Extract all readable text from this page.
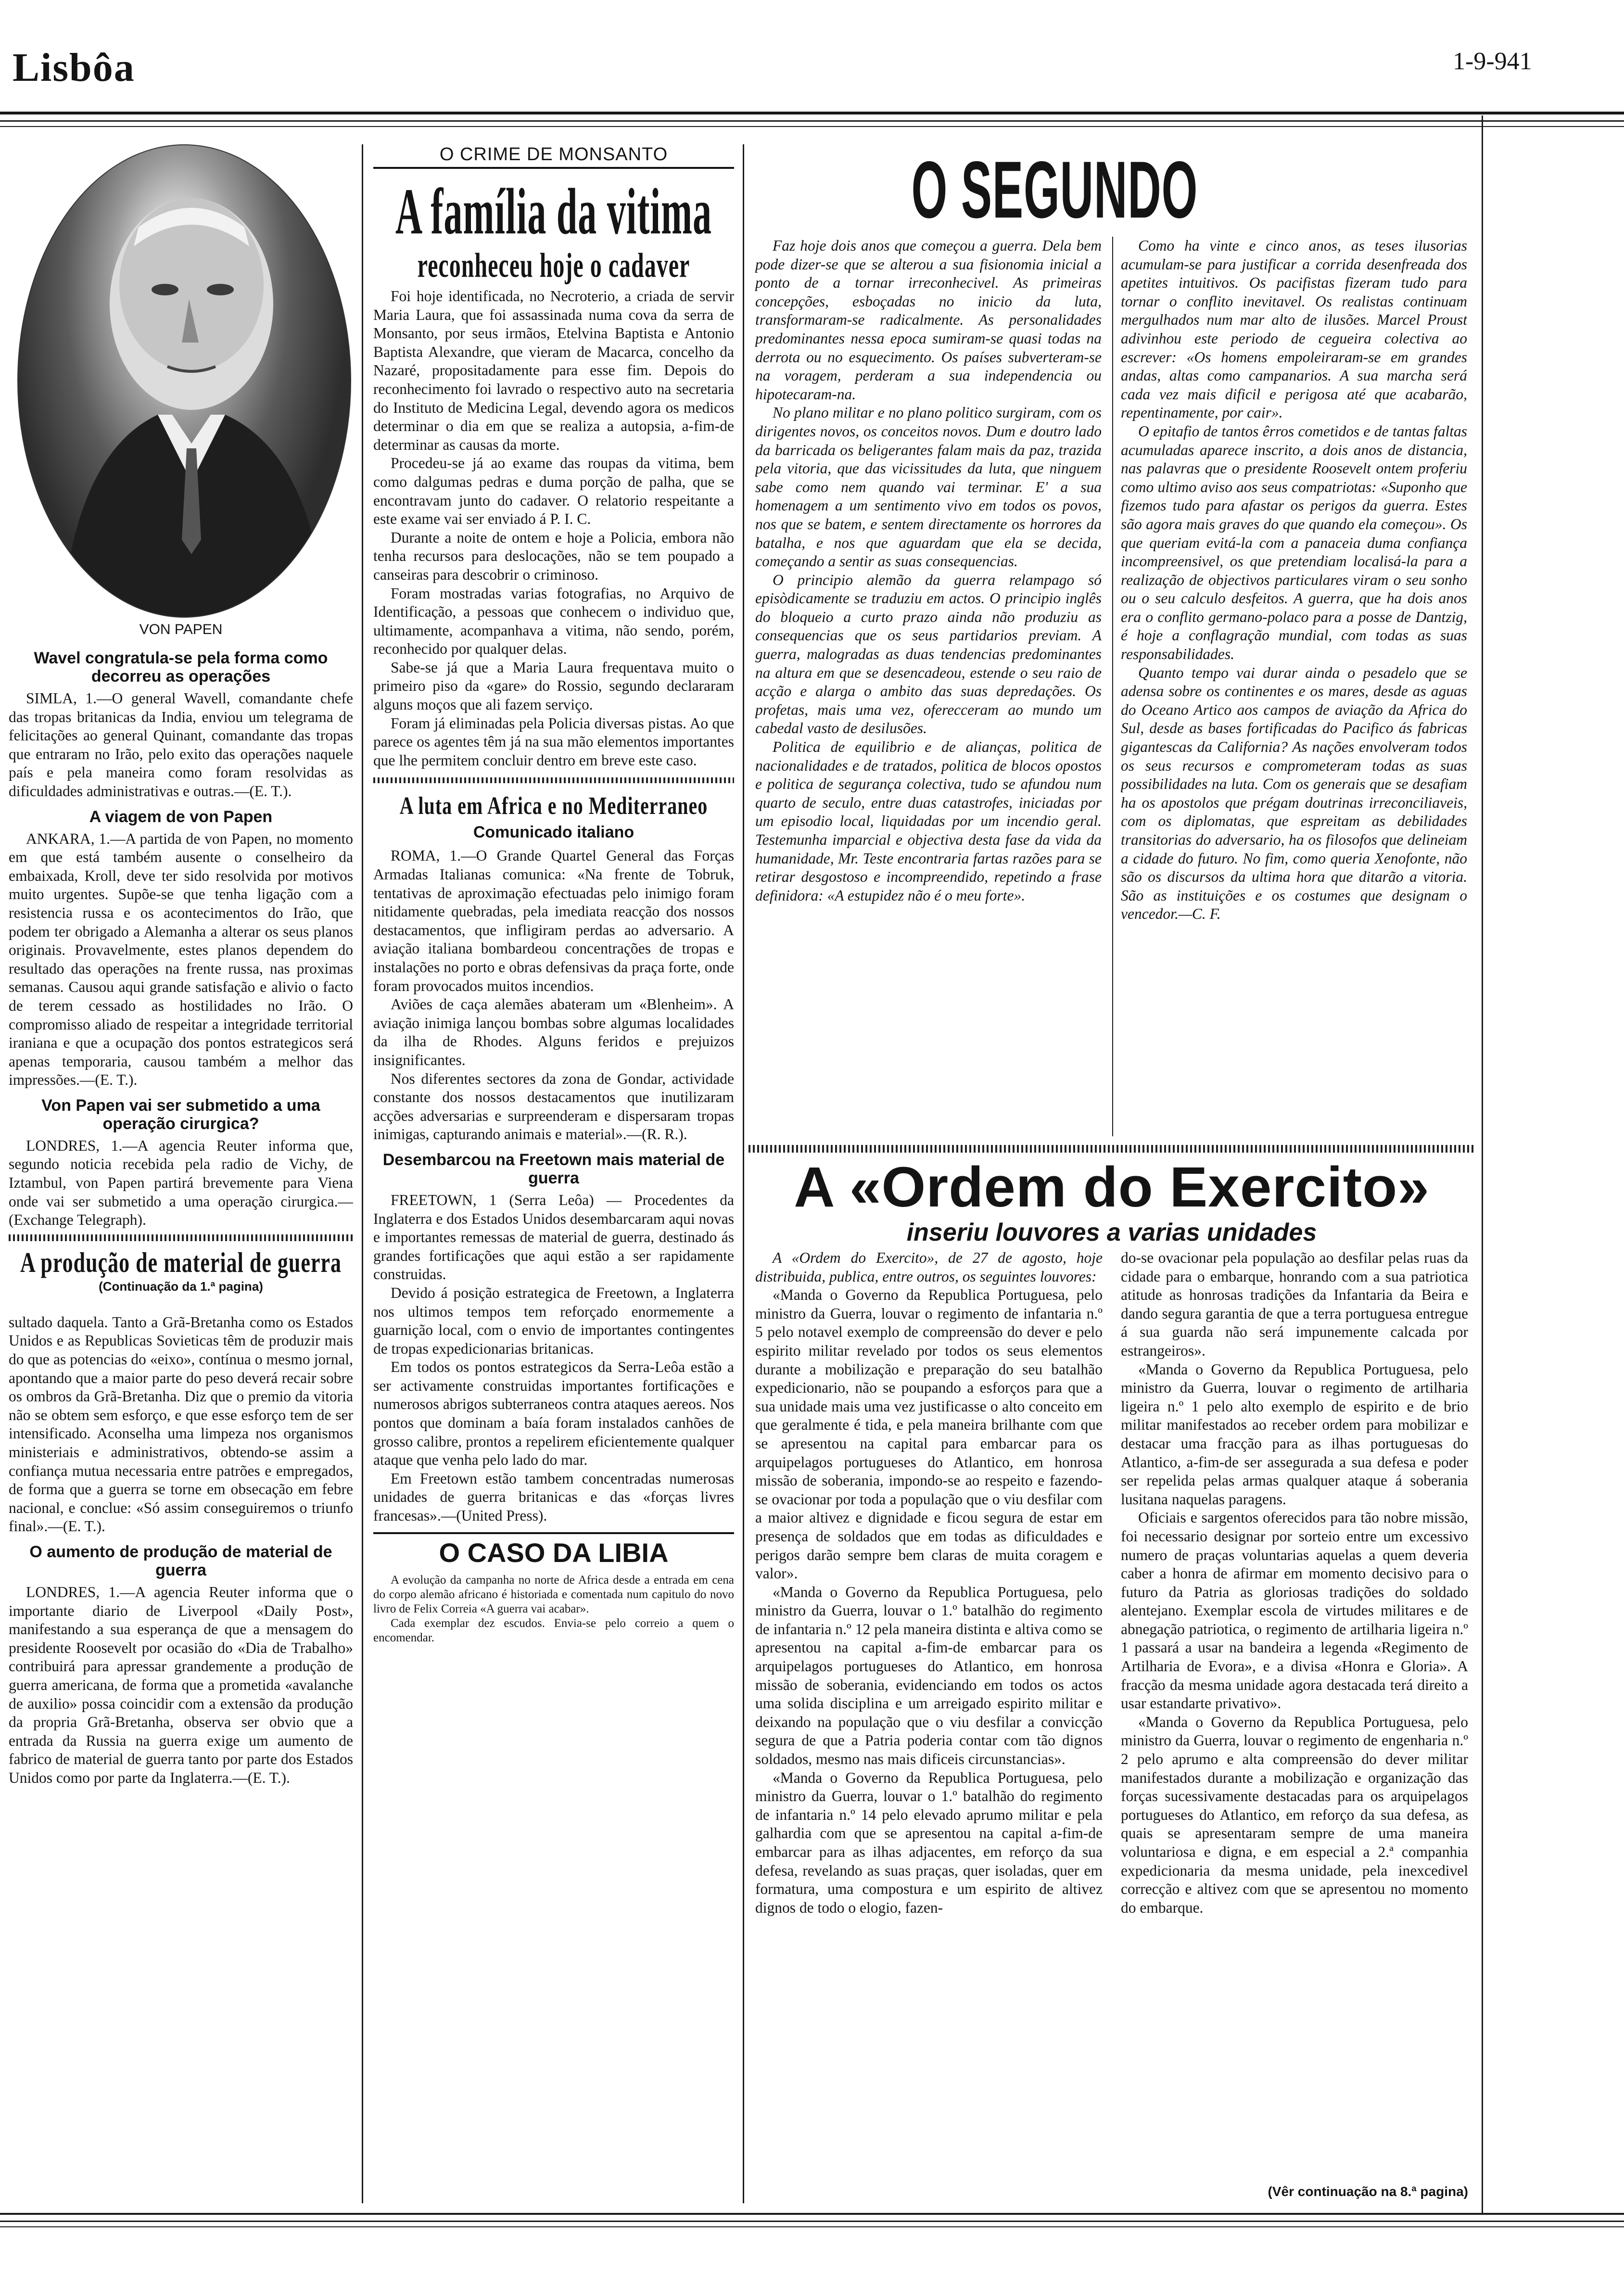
Lisbôa	1-9-941
VON PAPEN
Wavel congratula-se pela forma como decorreu as operações

SIMLA, 1.—O general Wavell, comandante chefe das tropas britanicas da India, enviou um telegrama de felicitações ao general Quinant, comandante das tropas que entraram no Irão, pelo exito das operações naquele país e pela maneira como foram resolvidas as dificuldades administrativas e outras.—(E. T.).

A viagem de von Papen

ANKARA, 1.—A partida de von Papen, no momento em que está também ausente o conselheiro da embaixada, Kroll, deve ter sido resolvida por motivos muito urgentes. Supõe-se que tenha ligação com a resistencia russa e os acontecimentos do Irão, que podem ter obrigado a Alemanha a alterar os seus planos originais. Provavelmente, estes planos dependem do resultado das operações na frente russa, nas proximas semanas. Causou aqui grande satisfação e alivio o facto de terem cessado as hostilidades no Irão. O compromisso aliado de respeitar a integridade territorial iraniana e que a ocupação dos pontos estrategicos será apenas temporaria, causou também a melhor das impressões.—(E. T.).

Von Papen vai ser submetido a uma operação cirurgica?

LONDRES, 1.—A agencia Reuter informa que, segundo noticia recebida pela radio de Vichy, de Iztambul, von Papen partirá brevemente para Viena onde vai ser submetido a uma operação cirurgica.—(Exchange Telegraph).

A produção de material de guerra
(Continuação da 1.ª pagina)

sultado daquela. Tanto a Grã-Bretanha como os Estados Unidos e as Republicas Sovieticas têm de produzir mais do que as potencias do «eixo», contínua o mesmo jornal, apontando que a maior parte do peso deverá recair sobre os ombros da Grã-Bretanha. Diz que o premio da vitoria não se obtem sem esforço, e que esse esforço tem de ser intensificado. Aconselha uma limpeza nos organismos ministeriais e administrativos, obtendo-se assim a confiança mutua necessaria entre patrões e empregados, de forma que a guerra se torne em obsecação em febre nacional, e conclue: «Só assim conseguiremos o triunfo final».—(E. T.).

O aumento de produção de material de guerra

LONDRES, 1.—A agencia Reuter informa que o importante diario de Liverpool «Daily Post», manifestando a sua esperança de que a mensagem do presidente Roosevelt por ocasião do «Dia de Trabalho» contribuirá para apressar grandemente a produção de guerra americana, de forma que a prometida «avalanche de auxilio» possa coincidir com a extensão da produção da propria Grã-Bretanha, observa ser obvio que a entrada da Russia na guerra exige um aumento de fabrico de material de guerra tanto por parte dos Estados Unidos como por parte da Inglaterra.—(E. T.).

O CRIME DE MONSANTO
A família da vitima
reconheceu hoje o cadaver

Foi hoje identificada, no Necroterio, a criada de servir Maria Laura, que foi assassinada numa cova da serra de Monsanto, por seus irmãos, Etelvina Baptista e Antonio Baptista Alexandre, que vieram de Macarca, concelho da Nazaré, propositadamente para esse fim. Depois do reconhecimento foi lavrado o respectivo auto na secretaria do Instituto de Medicina Legal, devendo agora os medicos determinar o dia em que se realiza a autopsia, a-fim-de determinar as causas da morte.

Procedeu-se já ao exame das roupas da vitima, bem como dalgumas pedras e duma porção de palha, que se encontravam junto do cadaver. O relatorio respeitante a este exame vai ser enviado á P. I. C.

Durante a noite de ontem e hoje a Policia, embora não tenha recursos para deslocações, não se tem poupado a canseiras para descobrir o criminoso.

Foram mostradas varias fotografias, no Arquivo de Identificação, a pessoas que conhecem o individuo que, ultimamente, acompanhava a vitima, não sendo, porém, reconhecido por qualquer delas.

Sabe-se já que a Maria Laura frequentava muito o primeiro piso da «gare» do Rossio, segundo declararam alguns moços que ali fazem serviço.

Foram já eliminadas pela Policia diversas pistas. Ao que parece os agentes têm já na sua mão elementos importantes que lhe permitem concluir dentro em breve este caso.

A luta em Africa e no Mediterraneo
Comunicado italiano

ROMA, 1.—O Grande Quartel General das Forças Armadas Italianas comunica: «Na frente de Tobruk, tentativas de aproximação efectuadas pelo inimigo foram nitidamente quebradas, pela imediata reacção dos nossos destacamentos, que infligiram perdas ao adversario. A aviação italiana bombardeou concentrações de tropas e instalações no porto e obras defensivas da praça forte, onde foram provocados muitos incendios.

Aviões de caça alemães abateram um «Blenheim». A aviação inimiga lançou bombas sobre algumas localidades da ilha de Rhodes. Alguns feridos e prejuizos insignificantes.

Nos diferentes sectores da zona de Gondar, actividade constante dos nossos destacamentos que inutilizaram acções adversarias e surpreenderam e dispersaram tropas inimigas, capturando animais e material».—(R. R.).

Desembarcou na Freetown mais material de guerra

FREETOWN, 1 (Serra Leôa) — Procedentes da Inglaterra e dos Estados Unidos desembarcaram aqui novas e importantes remessas de material de guerra, destinado ás grandes fortificações que aqui estão a ser rapidamente construidas.

Devido á posição estrategica de Freetown, a Inglaterra nos ultimos tempos tem reforçado enormemente a guarnição local, com o envio de importantes contingentes de tropas expedicionarias britanicas.

Em todos os pontos estrategicos da Serra-Leôa estão a ser activamente construidas importantes fortificações e numerosos abrigos subterraneos contra ataques aereos. Nos pontos que dominam a baía foram instalados canhões de grosso calibre, prontos a repelirem eficientemente qualquer ataque que venha pelo lado do mar.

Em Freetown estão tambem concentradas numerosas unidades de guerra britanicas e das «forças livres francesas».—(United Press).

O CASO DA LIBIA

A evolução da campanha no norte de Africa desde a entrada em cena do corpo alemão africano é historiada e comentada num capitulo do novo livro de Felix Correia «A guerra vai acabar».

Cada exemplar dez escudos. Envia-se pelo correio a quem o encomendar.

O SEGUNDO

Faz hoje dois anos que começou a guerra. Dela bem pode dizer-se que se alterou a sua fisionomia inicial a ponto de a tornar irreconhecivel. As primeiras concepções, esboçadas no inicio da luta, transformaram-se radicalmente. As personalidades predominantes nessa epoca sumiram-se quasi todas na derrota ou no esquecimento. Os países subverteram-se na voragem, perderam a sua independencia ou hipotecaram-na.

No plano militar e no plano politico surgiram, com os dirigentes novos, os conceitos novos. Dum e doutro lado da barricada os beligerantes falam mais da paz, trazida pela vitoria, que das vicissitudes da luta, que ninguem sabe como nem quando vai terminar. E' a sua homenagem a um sentimento vivo em todos os povos, nos que se batem, e sentem directamente os horrores da batalha, e nos que aguardam que ela se decida, começando a sentir as suas consequencias.

O principio alemão da guerra relampago só episòdicamente se traduziu em actos. O principio inglês do bloqueio a curto prazo ainda não produziu as consequencias que os seus partidarios previam. A guerra, malogradas as duas tendencias predominantes na altura em que se desencadeou, estende o seu raio de acção e alarga o ambito das suas depredações. Os profetas, mais uma vez, oferecceram ao mundo um cabedal vasto de desilusões.

Politica de equilibrio e de alianças, politica de nacionalidades e de tratados, politica de blocos opostos e politica de segurança colectiva, tudo se afundou num quarto de seculo, entre duas catastrofes, iniciadas por um episodio local, liquidadas por um incendio geral. Testemunha imparcial e objectiva desta fase da vida da humanidade, Mr. Teste encontraria fartas razões para se retirar desgostoso e incompreendido, repetindo a frase definidora: «A estupidez não é o meu forte».

Como ha vinte e cinco anos, as teses ilusorias acumulam-se para justificar a corrida desenfreada dos apetites intuitivos. Os pacifistas fizeram tudo para tornar o conflito inevitavel. Os realistas continuam mergulhados num mar alto de ilusões. Marcel Proust adivinhou este periodo de cegueira colectiva ao escrever: «Os homens empoleiraram-se em grandes andas, altas como campanarios. A sua marcha será cada vez mais dificil e perigosa até que acabarão, repentinamente, por cair».

O epitafio de tantos êrros cometidos e de tantas faltas acumuladas aparece inscrito, a dois anos de distancia, nas palavras que o presidente Roosevelt ontem proferiu como ultimo aviso aos seus compatriotas: «Suponho que fizemos tudo para afastar os perigos da guerra. Estes são agora mais graves do que quando ela começou». Os que queriam evitá-la com a panaceia duma confiança incompreensivel, os que pretendiam localisá-la para a realização de objectivos particulares viram o seu sonho ou o seu calculo desfeitos. A guerra, que ha dois anos era o conflito germano-polaco para a posse de Dantzig, é hoje a conflagração mundial, com todas as suas responsabilidades.

Quanto tempo vai durar ainda o pesadelo que se adensa sobre os continentes e os mares, desde as aguas do Oceano Artico aos campos de aviação da Africa do Sul, desde as bases fortificadas do Pacifico ás fabricas gigantescas da California? As nações envolveram todos os seus recursos e comprometeram todas as suas possibilidades na luta. Com os generais que se desafiam ha os apostolos que prégam doutrinas irreconciliaveis, com os diplomatas, que espreitam as debilidades transitorias do adversario, ha os filosofos que delineiam a cidade do futuro. No fim, como queria Xenofonte, não são os discursos da ultima hora que ditarão a vitoria. São as instituições e os costumes que designam o vencedor.—C. F.

A «Ordem do Exercito»
inseriu louvores a varias unidades

A «Ordem do Exercito», de 27 de agosto, hoje distribuida, publica, entre outros, os seguintes louvores:

«Manda o Governo da Republica Portuguesa, pelo ministro da Guerra, louvar o regimento de infantaria n.º 5 pelo notavel exemplo de compreensão do dever e pelo espirito militar revelado por todos os seus elementos durante a mobilização e preparação do seu batalhão expedicionario, não se poupando a esforços para que a sua unidade mais uma vez justificasse o alto conceito em que geralmente é tida, e pela maneira brilhante com que se apresentou na capital para embarcar para os arquipelagos portugueses do Atlantico, em honrosa missão de soberania, impondo-se ao respeito e fazendo-se ovacionar por toda a população que o viu desfilar com a maior altivez e dignidade e ficou segura de estar em presença de soldados que em todas as dificuldades e perigos darão sempre bem claras de muita coragem e valor».

«Manda o Governo da Republica Portuguesa, pelo ministro da Guerra, louvar o 1.º batalhão do regimento de infantaria n.º 12 pela maneira distinta e altiva como se apresentou na capital a-fim-de embarcar para os arquipelagos portugueses do Atlantico, em honrosa missão de soberania, evidenciando em todos os actos uma solida disciplina e um arreigado espirito militar e deixando na população que o viu desfilar a convicção segura de que a Patria poderia contar com tão dignos soldados, mesmo nas mais dificeis circunstancias».

«Manda o Governo da Republica Portuguesa, pelo ministro da Guerra, louvar o 1.º batalhão do regimento de infantaria n.º 14 pelo elevado aprumo militar e pela galhardia com que se apresentou na capital a-fim-de embarcar para as ilhas adjacentes, em reforço da sua defesa, revelando as suas praças, quer isoladas, quer em formatura, uma compostura e um espirito de altivez dignos de todo o elogio, fazen-

do-se ovacionar pela população ao desfilar pelas ruas da cidade para o embarque, honrando com a sua patriotica atitude as honrosas tradições da Infantaria da Beira e dando segura garantia de que a terra portuguesa entregue á sua guarda não será impunemente calcada por estrangeiros».

«Manda o Governo da Republica Portuguesa, pelo ministro da Guerra, louvar o regimento de artilharia ligeira n.º 1 pelo alto exemplo de espirito e de brio militar manifestados ao receber ordem para mobilizar e destacar uma fracção para as ilhas portuguesas do Atlantico, a-fim-de ser assegurada a sua defesa e poder ser repelida pelas armas qualquer ataque á soberania lusitana naquelas paragens.

Oficiais e sargentos oferecidos para tão nobre missão, foi necessario designar por sorteio entre um excessivo numero de praças voluntarias aquelas a quem deveria caber a honra de afirmar em momento decisivo para o futuro da Patria as gloriosas tradições do soldado alentejano. Exemplar escola de virtudes militares e de abnegação patriotica, o regimento de artilharia ligeira n.º 1 passará a usar na bandeira a legenda «Regimento de Artilharia de Evora», e a divisa «Honra e Gloria». A fracção da mesma unidade agora destacada terá direito a usar estandarte privativo».

«Manda o Governo da Republica Portuguesa, pelo ministro da Guerra, louvar o regimento de engenharia n.º 2 pelo aprumo e alta compreensão do dever militar manifestados durante a mobilização e organização das forças sucessivamente destacadas para os arquipelagos portugueses do Atlantico, em reforço da sua defesa, as quais se apresentaram sempre de uma maneira voluntariosa e digna, e em especial a 2.ª companhia expedicionaria da mesma unidade, pela inexcedivel correcção e altivez com que se apresentou no momento do embarque.

(Vêr continuação na 8.ª pagina)
